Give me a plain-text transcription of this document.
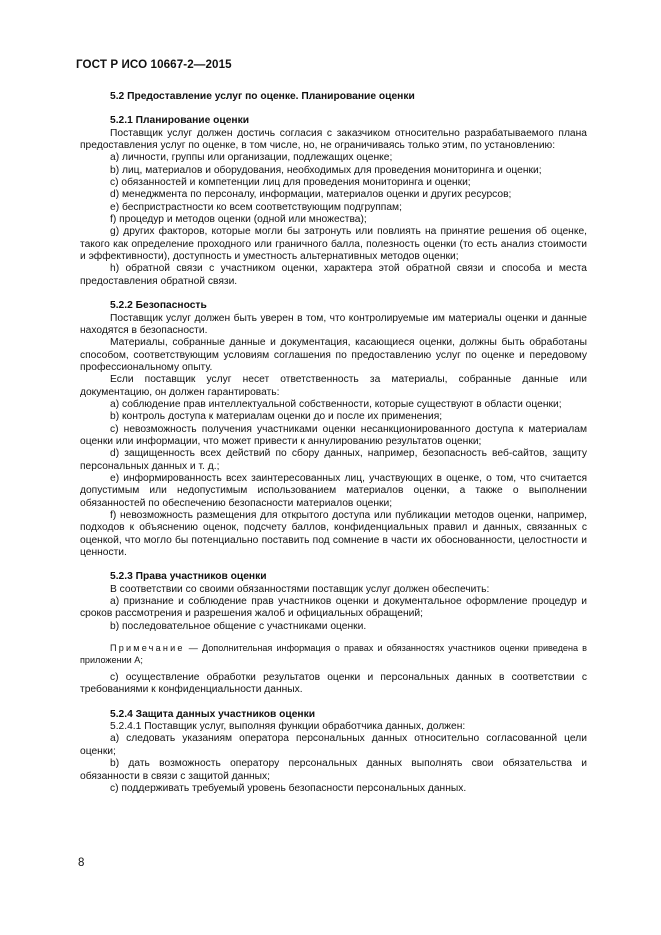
ГОСТ Р ИСО 10667-2—2015

5.2 Предоставление услуг по оценке. Планирование оценки

5.2.1 Планирование оценки

Поставщик услуг должен достичь согласия с заказчиком относительно разрабатываемого плана предоставления услуг по оценке, в том числе, но, не ограничиваясь только этим, по установлению:

а) личности, группы или организации, подлежащих оценке;

b) лиц, материалов и оборудования, необходимых для проведения мониторинга и оценки;

с) обязанностей и компетенции лиц для проведения мониторинга и оценки;

d) менеджмента по персоналу, информации, материалов оценки и других ресурсов;

е) беспристрастности ко всем соответствующим подгруппам;

f) процедур и методов оценки (одной или множества);

g) других факторов, которые могли бы затронуть или повлиять на принятие решения об оценке, такого как определение проходного или граничного балла, полезность оценки (то есть анализ стоимости и эффективности), доступность и уместность альтернативных методов оценки;

h) обратной связи с участником оценки, характера этой обратной связи и способа и места предоставления обратной связи.

5.2.2 Безопасность

Поставщик услуг должен быть уверен в том, что контролируемые им материалы оценки и данные находятся в безопасности.

Материалы, собранные данные и документация, касающиеся оценки, должны быть обработаны способом, соответствующим условиям соглашения по предоставлению услуг по оценке и передовому профессиональному опыту.

Если поставщик услуг несет ответственность за материалы, собранные данные или документацию, он должен гарантировать:

а) соблюдение прав интеллектуальной собственности, которые существуют в области оценки;

b) контроль доступа к материалам оценки до и после их применения;

с) невозможность получения участниками оценки несанкционированного доступа к материалам оценки или информации, что может привести к аннулированию результатов оценки;

d) защищенность всех действий по сбору данных, например, безопасность веб-сайтов, защиту персональных данных и т. д.;

е) информированность всех заинтересованных лиц, участвующих в оценке, о том, что считается допустимым или недопустимым использованием материалов оценки, а также о выполнении обязанностей по обеспечению безопасности материалов оценки;

f) невозможность размещения для открытого доступа или публикации методов оценки, например, подходов к объяснению оценок, подсчету баллов, конфиденциальных правил и данных, связанных с оценкой, что могло бы потенциально поставить под сомнение в части их обоснованности, целостности и ценности.

5.2.3 Права участников оценки

В соответствии со своими обязанностями поставщик услуг должен обеспечить:

а) признание и соблюдение прав участников оценки и документальное оформление процедур и сроков рассмотрения и разрешения жалоб и официальных обращений;

b) последовательное общение с участниками оценки.

Примечание — Дополнительная информация о правах и обязанностях участников оценки приведена в приложении А;

с) осуществление обработки результатов оценки и персональных данных в соответствии с требованиями к конфиденциальности данных.

5.2.4 Защита данных участников оценки

5.2.4.1 Поставщик услуг, выполняя функции обработчика данных, должен:

а) следовать указаниям оператора персональных данных относительно согласованной цели оценки;

b) дать возможность оператору персональных данных выполнять свои обязательства и обязанности в связи с защитой данных;

с) поддерживать требуемый уровень безопасности персональных данных.

8
